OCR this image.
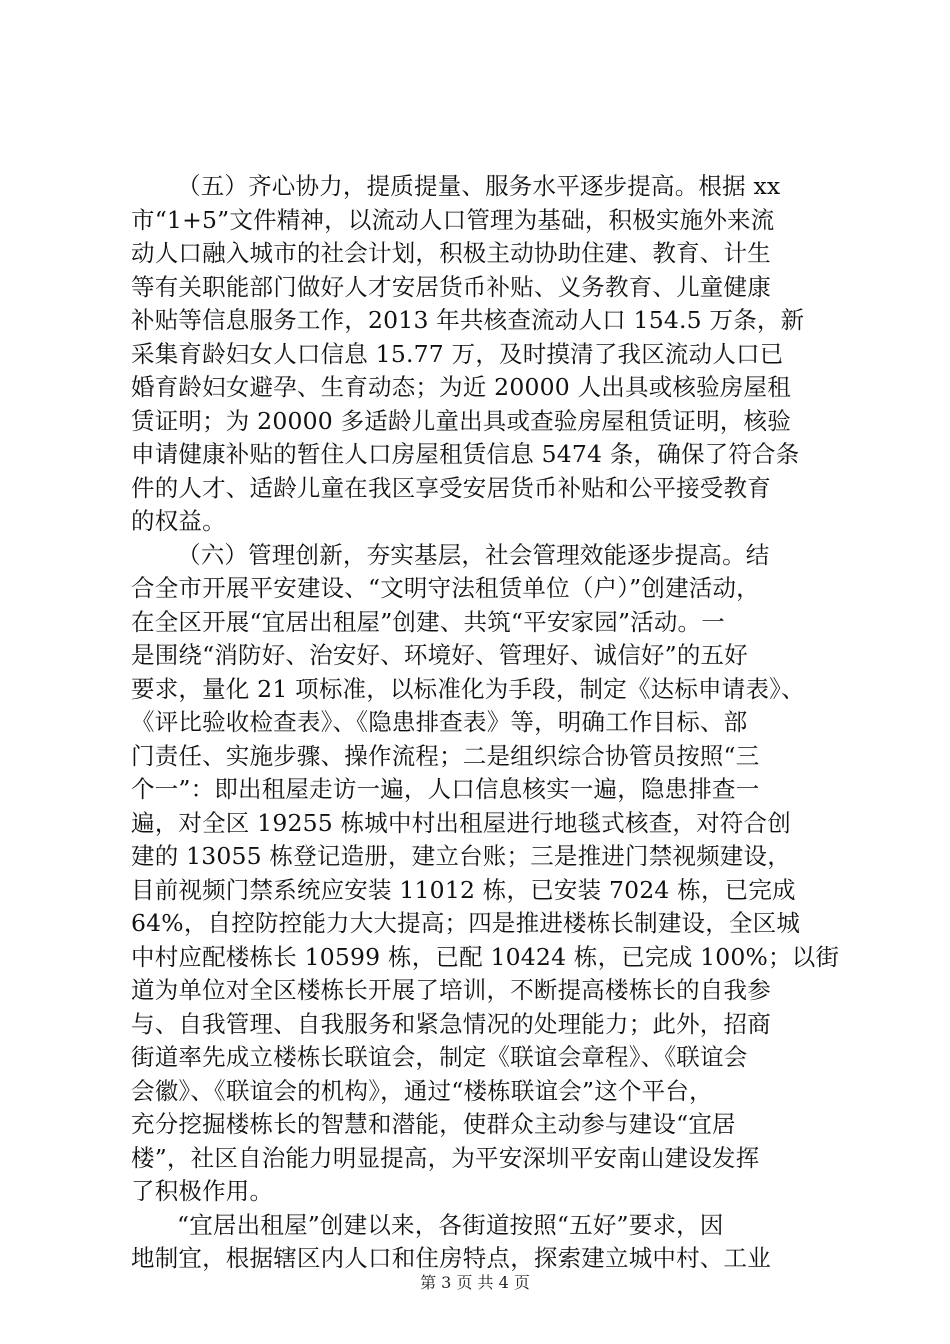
（五）齐心协力，提质提量、服务水平逐步提高。根据 xx
市“1+5”文件精神，以流动人口管理为基础，积极实施外来流
动人口融入城市的社会计划，积极主动协助住建、教育、计生
等有关职能部门做好人才安居货币补贴、义务教育、儿童健康
补贴等信息服务工作，2013 年共核查流动人口 154.5 万条，新
采集育龄妇女人口信息 15.77 万，及时摸清了我区流动人口已
婚育龄妇女避孕、生育动态；为近 20000 人出具或核验房屋租
赁证明；为 20000 多适龄儿童出具或查验房屋租赁证明，核验
申请健康补贴的暂住人口房屋租赁信息 5474 条，确保了符合条
件的人才、适龄儿童在我区享受安居货币补贴和公平接受教育
的权益。
（六）管理创新，夯实基层，社会管理效能逐步提高。结
合全市开展平安建设、“文明守法租赁单位（户）”创建活动，
在全区开展“宜居出租屋”创建、共筑“平安家园”活动。一
是围绕“消防好、治安好、环境好、管理好、诚信好”的五好
要求，量化 21 项标准，以标准化为手段，制定《达标申请表》、
《评比验收检查表》、《隐患排查表》等，明确工作目标、部
门责任、实施步骤、操作流程；二是组织综合协管员按照“三
个一”：即出租屋走访一遍，人口信息核实一遍，隐患排查一
遍，对全区 19255 栋城中村出租屋进行地毯式核查，对符合创
建的 13055 栋登记造册，建立台账；三是推进门禁视频建设，
目前视频门禁系统应安装 11012 栋，已安装 7024 栋，已完成
64%，自控防控能力大大提高；四是推进楼栋长制建设，全区城
中村应配楼栋长 10599 栋，已配 10424 栋，已完成 100%；以街
道为单位对全区楼栋长开展了培训，不断提高楼栋长的自我参
与、自我管理、自我服务和紧急情况的处理能力；此外，招商
街道率先成立楼栋长联谊会，制定《联谊会章程》、《联谊会
会徽》、《联谊会的机构》，通过“楼栋联谊会”这个平台，
充分挖掘楼栋长的智慧和潜能，使群众主动参与建设“宜居
楼”，社区自治能力明显提高，为平安深圳平安南山建设发挥
了积极作用。
“宜居出租屋”创建以来，各街道按照“五好”要求，因
地制宜，根据辖区内人口和住房特点，探索建立城中村、工业
第 3 页 共 4 页
